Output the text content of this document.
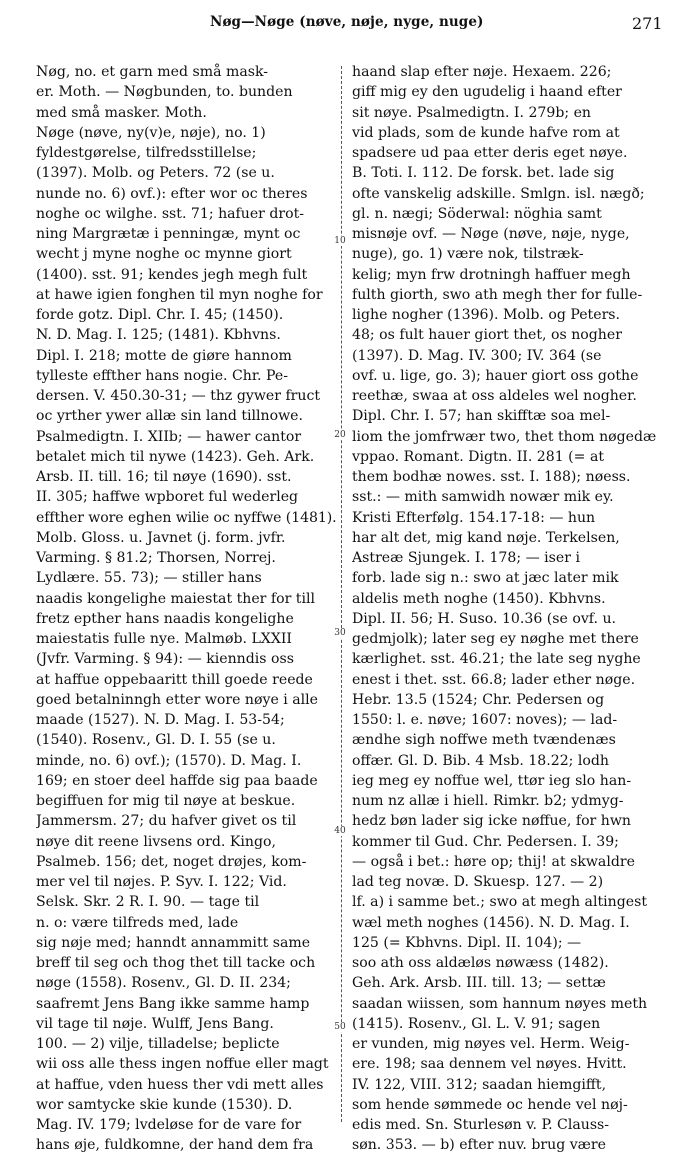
Nøg—Nøge (nøve, nøje, nyge, nuge)	271
10
20
30
40
50
Nøg, no. et garn med små mask-
er. Moth. — Nøgbunden, to. bunden
med små masker. Moth.
Nøge (nøve, ny(v)e, nøje), no. 1)
fyldestgørelse, tilfredsstillelse;
(1397). Molb. og Peters. 72 (se u.
nunde no. 6) ovf.): efter wor oc theres
noghe oc wilghe. sst. 71; hafuer drot-
ning Margrætæ i penningæ, mynt oc
wecht j myne noghe oc mynne giort
(1400). sst. 91; kendes jegh megh fult
at hawe igien fonghen til myn noghe for
forde gotz. Dipl. Chr. I. 45; (1450).
N. D. Mag. I. 125; (1481). Kbhvns.
Dipl. I. 218; motte de giøre hannom
tylleste effther hans nogie. Chr. Pe-
dersen. V. 450.30-31; — thz gywer fruct
oc yrther ywer allæ sin land tillnowe.
Psalmedigtn. I. XIIb; — hawer cantor
betalet mich til nywe (1423). Geh. Ark.
Arsb. II. till. 16; til nøye (1690). sst.
II. 305; haffwe wpboret ful wederleg
effther wore eghen wilie oc nyffwe (1481).
Molb. Gloss. u. Javnet (j. form. jvfr.
Varming. § 81.2; Thorsen, Norrej.
Lydlære. 55. 73); — stiller hans
naadis kongelighe maiestat ther for till
fretz epther hans naadis kongelighe
maiestatis fulle nye. Malmøb. LXXII
(Jvfr. Varming. § 94): — kienndis oss
at haffue oppebaaritt thill goede reede
goed betalninngh etter wore nøye i alle
maade (1527). N. D. Mag. I. 53-54;
(1540). Rosenv., Gl. D. I. 55 (se u.
minde, no. 6) ovf.); (1570). D. Mag. I.
169; en stoer deel haffde sig paa baade
begiffuen for mig til nøye at beskue.
Jammersm. 27; du hafver givet os til
nøye dit reene livsens ord. Kingo,
Psalmeb. 156; det, noget drøjes, kom-
mer vel til nøjes. P. Syv. I. 122; Vid.
Selsk. Skr. 2 R. I. 90. — tage til
n. o: være tilfreds med, lade
sig nøje med; hanndt annammitt same
breff til seg och thog thet till tacke och
nøge (1558). Rosenv., Gl. D. II. 234;
saafremt Jens Bang ikke samme hamp
vil tage til nøje. Wulff, Jens Bang.
100. — 2) vilje, tilladelse; beplicte
wii oss alle thess ingen noffue eller magt
at haffue, vden huess ther vdi mett alles
wor samtycke skie kunde (1530). D.
Mag. IV. 179; lvdeløse for de vare for
hans øje, fuldkomne, der hand dem fra
haand slap efter nøje. Hexaem. 226;
giff mig ey den ugudelig i haand efter
sit nøye. Psalmedigtn. I. 279b; en
vid plads, som de kunde hafve rom at
spadsere ud paa etter deris eget nøye.
B. Toti. I. 112. De forsk. bet. lade sig
ofte vanskelig adskille. Smlgn. isl. nægð;
gl. n. nægi; Söderwal: nöghia samt
misnøje ovf. — Nøge (nøve, nøje, nyge,
nuge), go. 1) være nok, tilstræk-
kelig; myn frw drotningh haffuer megh
fulth giorth, swo ath megh ther for fulle-
lighe nogher (1396). Molb. og Peters.
48; os fult hauer giort thet, os nogher
(1397). D. Mag. IV. 300; IV. 364 (se
ovf. u. lige, go. 3); hauer giort oss gothe
reethæ, swaa at oss aldeles wel nogher.
Dipl. Chr. I. 57; han skifftæ soa mel-
liom the jomfrwær two, thet thom nøgedæ
vppao. Romant. Digtn. II. 281 (= at
them bodhæ nowes. sst. I. 188); nøess.
sst.: — mith samwidh nowær mik ey.
Kristi Efterfølg. 154.17-18: — hun
har alt det, mig kand nøje. Terkelsen,
Astreæ Sjungek. I. 178; — iser i
forb. lade sig n.: swo at jæc later mik
aldelis meth noghe (1450). Kbhvns.
Dipl. II. 56; H. Suso. 10.36 (se ovf. u.
gedmjolk); later seg ey nøghe met there
kærlighet. sst. 46.21; the late seg nyghe
enest i thet. sst. 66.8; lader ether nøge.
Hebr. 13.5 (1524; Chr. Pedersen og
1550: l. e. nøve; 1607: noves); — lad-
ændhe sigh noffwe meth tvændenæs
offær. Gl. D. Bib. 4 Msb. 18.22; lodh
ieg meg ey noffue wel, ttør ieg slo han-
num nz allæ i hiell. Rimkr. b2; ydmyg-
hedz bøn lader sig icke nøffue, for hwn
kommer til Gud. Chr. Pedersen. I. 39;
— også i bet.: høre op; thij! at skwaldre
lad teg novæ. D. Skuesp. 127. — 2)
lf. a) i samme bet.; swo at megh altingest
wæl meth noghes (1456). N. D. Mag. I.
125 (= Kbhvns. Dipl. II. 104); —
soo ath oss aldæløs nøwæss (1482).
Geh. Ark. Arsb. III. till. 13; — settæ
saadan wiissen, som hannum nøyes meth
(1415). Rosenv., Gl. L. V. 91; sagen
er vunden, mig nøyes vel. Herm. Weig-
ere. 198; saa dennem vel nøyes. Hvitt.
IV. 122, VIII. 312; saadan hiemgifft,
som hende sømmede oc hende vel nøj-
edis med. Sn. Sturlesøn v. P. Clauss-
søn. 353. — b) efter nuv. brug være
